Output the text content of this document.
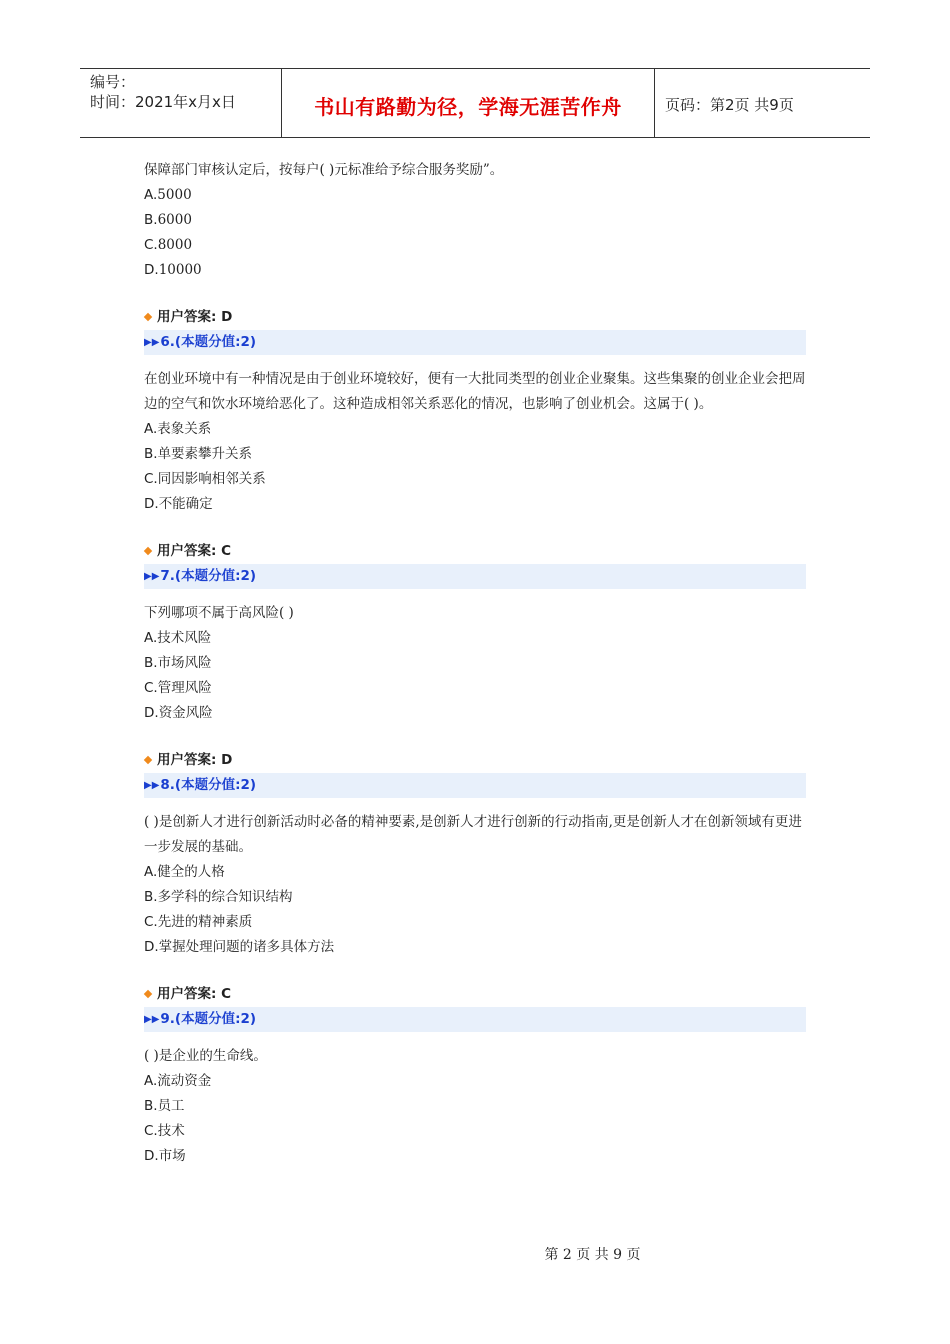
编号：
时间：2021年x月x日	书山有路勤为径，学海无涯苦作舟	页码：第2页 共9页
保障部门审核认定后，按每户( )元标准给予综合服务奖励”。
A.5000
B.6000
C.8000
D.10000
用户答案: D
▶▶6.(本题分值:2)
在创业环境中有一种情况是由于创业环境较好，便有一大批同类型的创业企业聚集。这些集聚的创业企业会把周边的空气和饮水环境给恶化了。这种造成相邻关系恶化的情况，也影响了创业机会。这属于( )。
A.表象关系
B.单要素攀升关系
C.同因影响相邻关系
D.不能确定
用户答案: C
▶▶7.(本题分值:2)
下列哪项不属于高风险( )
A.技术风险
B.市场风险
C.管理风险
D.资金风险
用户答案: D
▶▶8.(本题分值:2)
( )是创新人才进行创新活动时必备的精神要素,是创新人才进行创新的行动指南,更是创新人才在创新领域有更进一步发展的基础。
A.健全的人格
B.多学科的综合知识结构
C.先进的精神素质
D.掌握处理问题的诸多具体方法
用户答案: C
▶▶9.(本题分值:2)
( )是企业的生命线。
A.流动资金
B.员工
C.技术
D.市场
第 2 页 共 9 页
